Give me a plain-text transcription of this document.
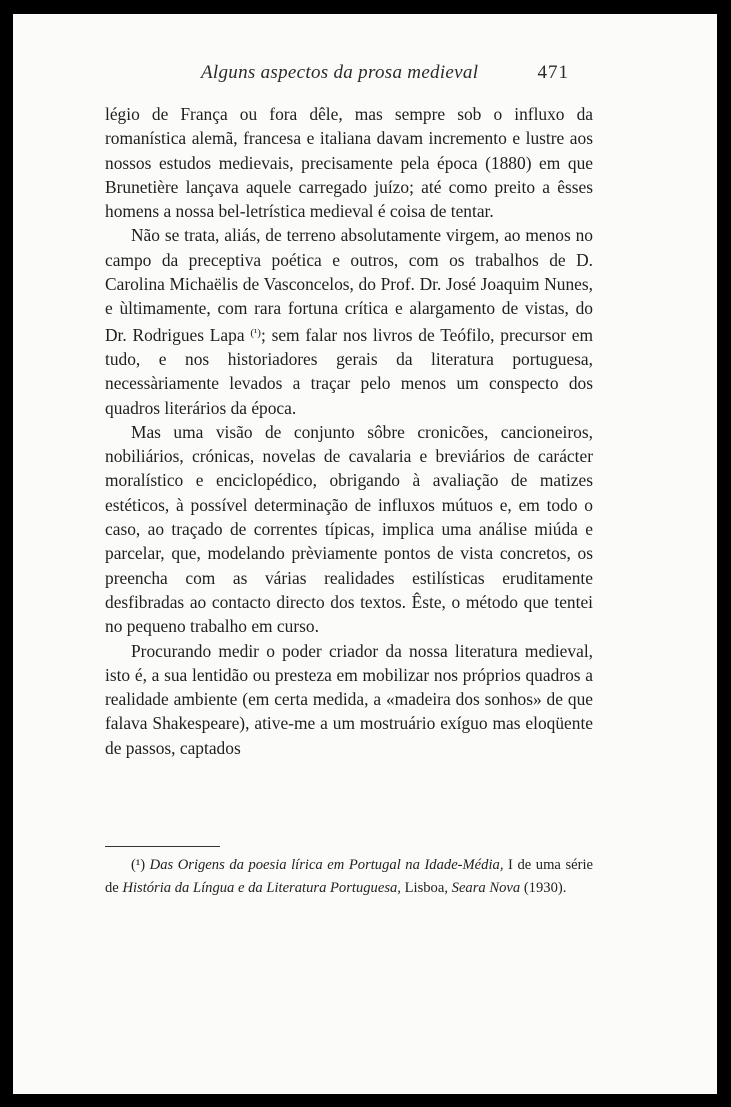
Alguns aspectos da prosa medieval	471

légio de França ou fora dêle, mas sempre sob o influxo da romanística alemã, francesa e italiana davam incremento e lustre aos nossos estudos medievais, precisamente pela época (1880) em que Brunetière lançava aquele carregado juízo; até como preito a êsses homens a nossa bel-letrística medieval é coisa de tentar.

Não se trata, aliás, de terreno absolutamente virgem, ao menos no campo da preceptiva poética e outros, com os trabalhos de D. Carolina Michaëlis de Vasconcelos, do Prof. Dr. José Joaquim Nunes, e ùltimamente, com rara fortuna crítica e alargamento de vistas, do Dr. Rodrigues Lapa $^{(^1)}$; sem falar nos livros de Teófilo, precursor em tudo, e nos historiadores gerais da literatura portuguesa, necessàriamente levados a traçar pelo menos um conspecto dos quadros literários da época.

Mas uma visão de conjunto sôbre cronicões, cancioneiros, nobiliários, crónicas, novelas de cavalaria e breviários de carácter moralístico e enciclopédico, obrigando à avaliação de matizes estéticos, à possível determinação de influxos mútuos e, em todo o caso, ao traçado de correntes típicas, implica uma análise miúda e parcelar, que, modelando prèviamente pontos de vista concretos, os preencha com as várias realidades estilísticas eruditamente desfibradas ao contacto directo dos textos. Êste, o método que tentei no pequeno trabalho em curso.

Procurando medir o poder criador da nossa literatura medieval, isto é, a sua lentidão ou presteza em mobilizar nos próprios quadros a realidade ambiente (em certa medida, a «madeira dos sonhos» de que falava Shakespeare), ative-me a um mostruário exíguo mas eloqüente de passos, captados

(¹) Das Origens da poesia lírica em Portugal na Idade-Média, I de uma série de História da Língua e da Literatura Portuguesa, Lisboa, Seara Nova (1930).
